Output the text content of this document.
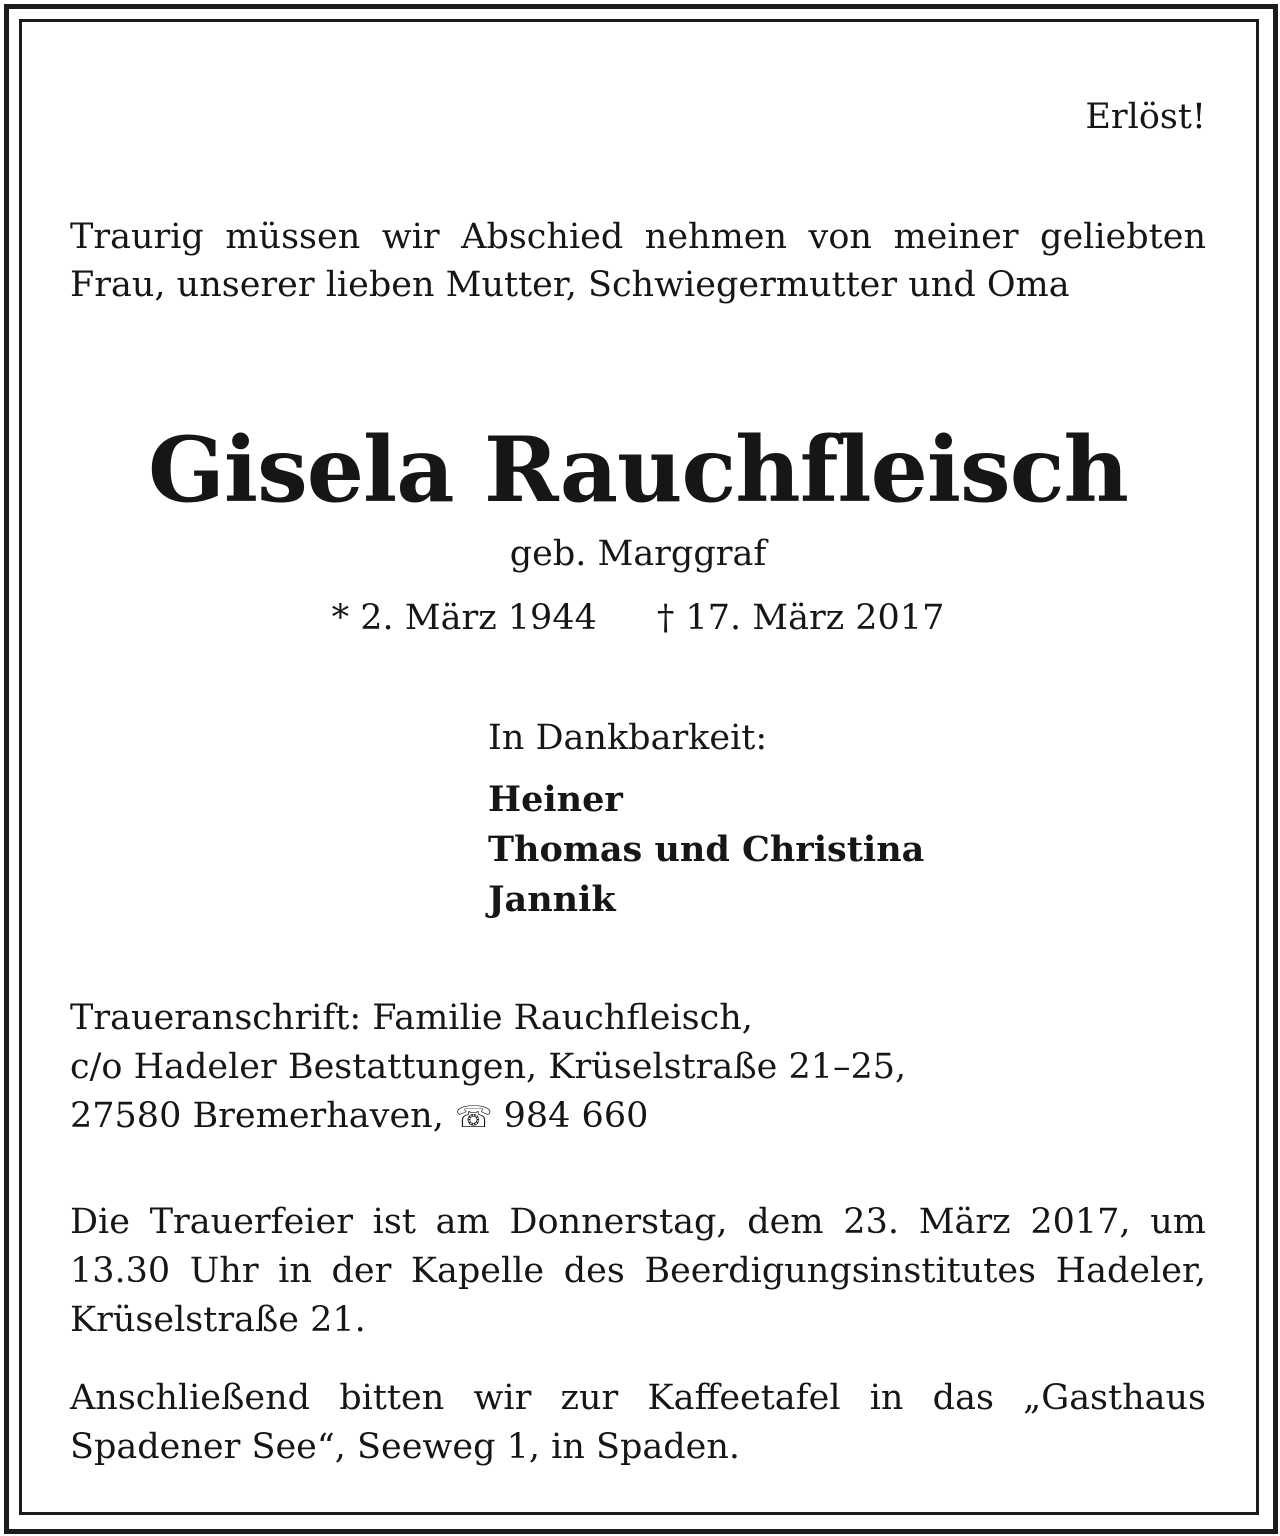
Erlöst!
Traurig müssen wir Abschied nehmen von meiner geliebten Frau, unserer lieben Mutter, Schwiegermutter und Oma
Gisela Rauchfleisch
geb. Marggraf
* 2. März 1944 † 17. März 2017
In Dankbarkeit:
Heiner
Thomas und Christina
Jannik
Traueranschrift: Familie Rauchfleisch,
c/o Hadeler Bestattungen, Krüselstraße 21–25,
27580 Bremerhaven, ☏ 984 660
Die Trauerfeier ist am Donnerstag, dem 23. März 2017, um 13.30 Uhr in der Kapelle des Beerdigungsinstitutes Hadeler, Krüselstraße 21.
Anschließend bitten wir zur Kaffeetafel in das „Gasthaus Spadener See“, Seeweg 1, in Spaden.
